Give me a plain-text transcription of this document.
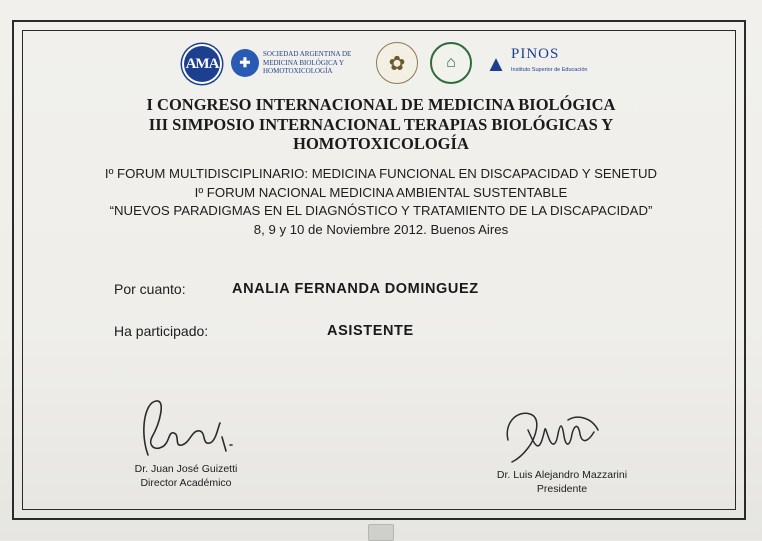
AMA	✚
SOCIEDAD ARGENTINA DE MEDICINA BIOLÓGICA Y HOMOTOXICOLOGÍA	✿	⌂	▲ PINOS
Instituto Superior de Educación
I CONGRESO INTERNACIONAL DE MEDICINA BIOLÓGICA
III SIMPOSIO INTERNACIONAL TERAPIAS BIOLÓGICAS Y
HOMOTOXICOLOGÍA
Iº FORUM MULTIDISCIPLINARIO: MEDICINA FUNCIONAL EN DISCAPACIDAD Y SENETUD
Iº FORUM NACIONAL MEDICINA AMBIENTAL SUSTENTABLE
“NUEVOS PARADIGMAS EN EL DIAGNÓSTICO Y TRATAMIENTO DE LA DISCAPACIDAD”
8, 9 y 10 de Noviembre 2012. Buenos Aires
Por cuanto:	ANALIA FERNANDA DOMINGUEZ
Ha participado:	ASISTENTE
Dr. Juan José Guizetti
Director Académico
Dr. Luis Alejandro Mazzarini
Presidente
